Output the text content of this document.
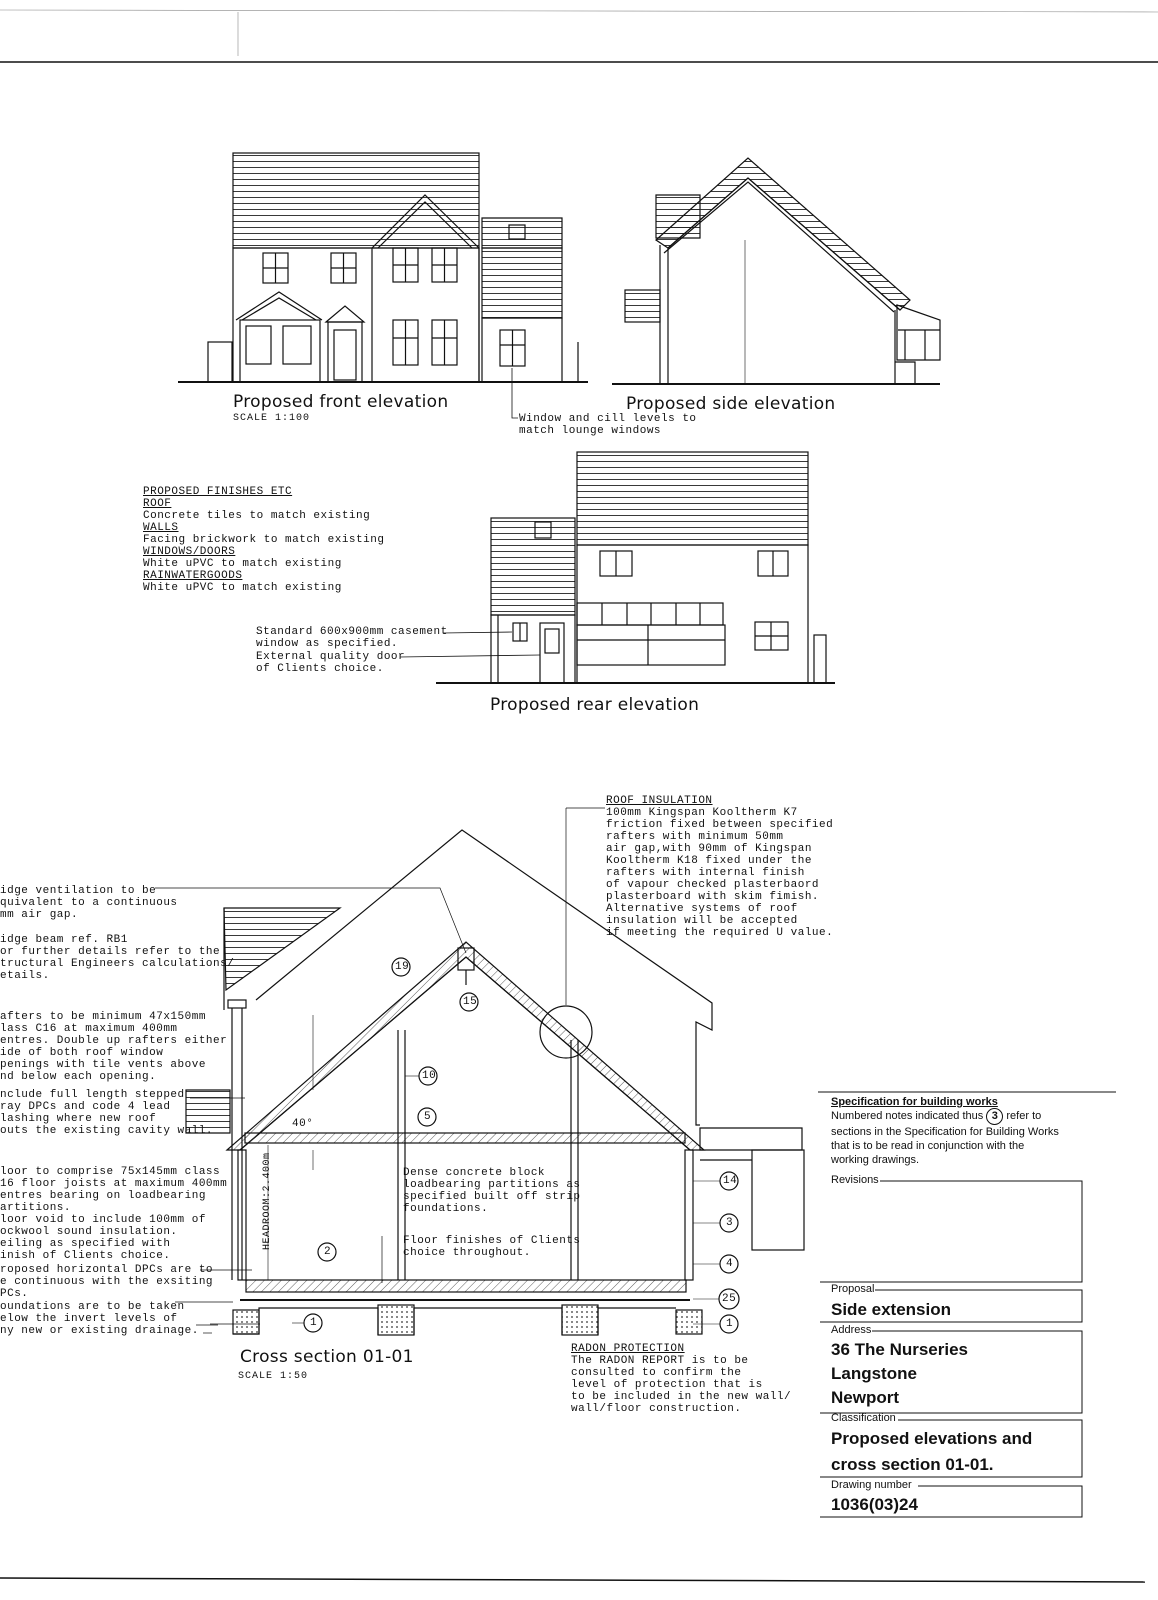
Proposed front elevation
SCALE 1:100
Proposed side elevation
Proposed rear elevation
Cross section 01-01
SCALE 1:50
Window and cill levels to
match lounge windows
PROPOSED FINISHES ETC
ROOF
Concrete tiles to match existing
WALLS
Facing brickwork to match existing
WINDOWS/DOORS
White uPVC to match existing
RAINWATERGOODS
White uPVC to match existing
Standard 600x900mm casement
window as specified.
External quality door
of Clients choice.
ROOF INSULATION
100mm Kingspan Kooltherm K7
friction fixed between specified
rafters with minimum 50mm
air gap,with 90mm of Kingspan
Kooltherm K18 fixed under the
rafters with internal finish
of vapour checked plasterbaord
plasterboard with skim fimish.
Alternative systems of roof
insulation will be accepted
if meeting the required U value.
idge ventilation to be
quivalent to a continuous
mm air gap.
idge beam ref. RB1
or further details refer to the
tructural Engineers calculations/
etails.
afters to be minimum 47x150mm
lass C16 at maximum 400mm
entres. Double up rafters either
ide of both roof window
penings with tile vents above
nd below each opening.
nclude full length stepped
ray DPCs and code 4 lead
lashing where new roof
outs the existing cavity wall.
loor to comprise 75x145mm class
16 floor joists at maximum 400mm
entres bearing on loadbearing
artitions.
loor void to include 100mm of
ockwool sound insulation.
eiling as specified with
inish of Clients choice.
roposed horizontal DPCs are to
e continuous with the exsiting
PCs.
oundations are to be taken
elow the invert levels of
ny new or existing drainage.
Dense concrete block
loadbearing partitions as
specified built off strip
foundations.
Floor finishes of Clients
choice throughout.
RADON PROTECTION
The RADON REPORT is to be
consulted to confirm the
level of protection that is
to be included in the new wall/
wall/floor construction.
HEADROOM:2.400m
40°
19
15
10
5
2
1
14
3
4
25
1
Specification for building works
Numbered notes indicated thus 3 refer to
sections in the Specification for Building Works
that is to be read in conjunction with the
working drawings.
Revisions
Proposal
Side extension
Address
36 The Nurseries
Langstone
Newport
Classification
Proposed elevations and
cross section 01-01.
Drawing number
1036(03)24
